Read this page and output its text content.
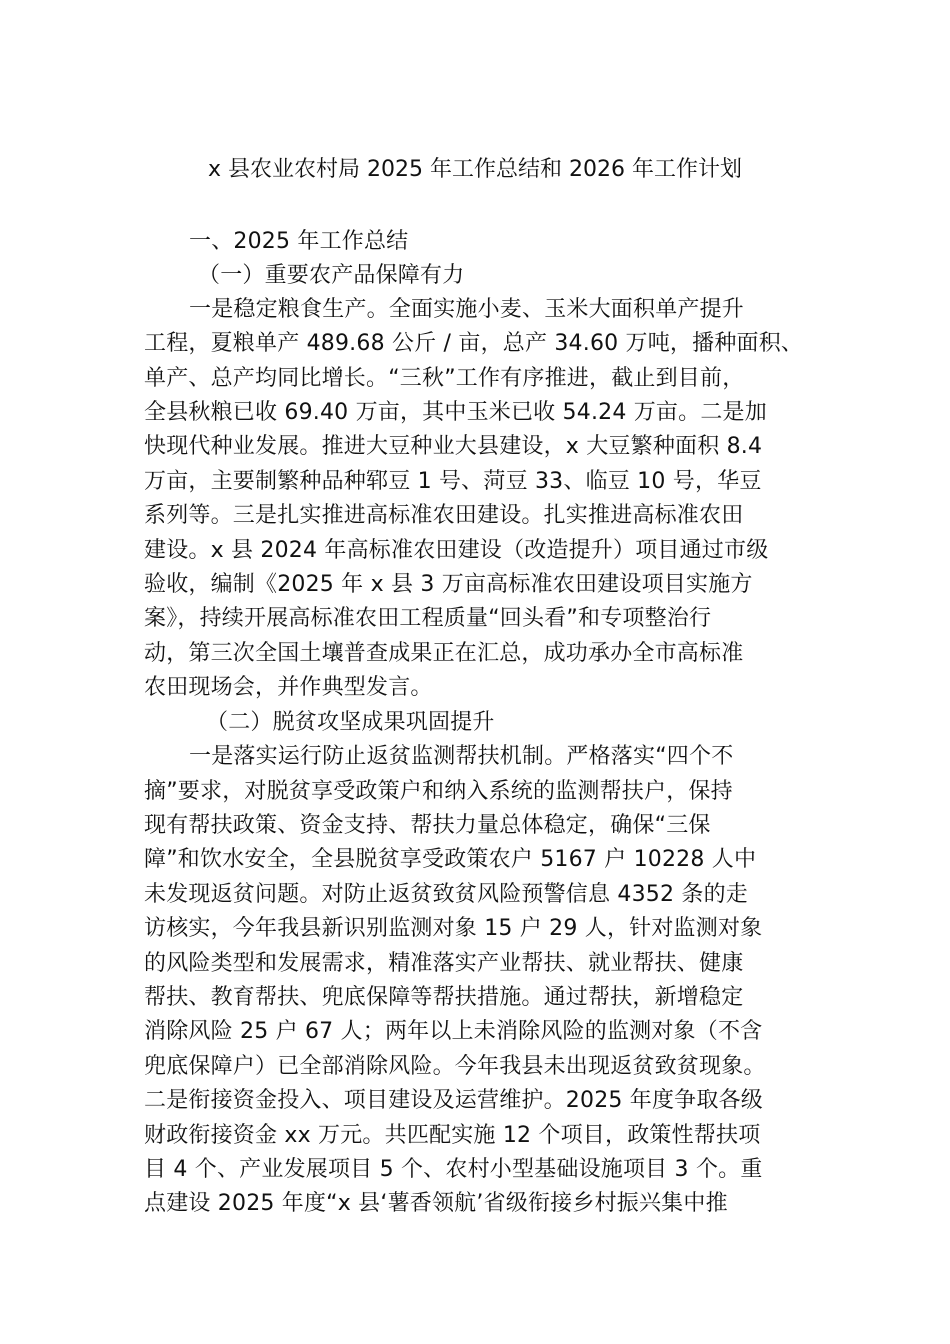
x 县农业农村局 2025 年工作总结和 2026 年工作计划
一、2025 年工作总结
（一）重要农产品保障有力
一是稳定粮食生产。全面实施小麦、玉米大面积单产提升
工程，夏粮单产 489.68 公斤 / 亩，总产 34.60 万吨，播种面积、
单产、总产均同比增长。“三秋”工作有序推进，截止到目前，
全县秋粮已收 69.40 万亩，其中玉米已收 54.24 万亩。二是加
快现代种业发展。推进大豆种业大县建设，x 大豆繁种面积 8.4
万亩，主要制繁种品种郓豆 1 号、菏豆 33、临豆 10 号，华豆
系列等。三是扎实推进高标准农田建设。扎实推进高标准农田
建设。x 县 2024 年高标准农田建设（改造提升）项目通过市级
验收，编制《2025 年 x 县 3 万亩高标准农田建设项目实施方
案》，持续开展高标准农田工程质量“回头看”和专项整治行
动，第三次全国土壤普查成果正在汇总，成功承办全市高标准
农田现场会，并作典型发言。
（二）脱贫攻坚成果巩固提升
一是落实运行防止返贫监测帮扶机制。严格落实“四个不
摘”要求，对脱贫享受政策户和纳入系统的监测帮扶户，保持
现有帮扶政策、资金支持、帮扶力量总体稳定，确保“三保
障”和饮水安全，全县脱贫享受政策农户 5167 户 10228 人中
未发现返贫问题。对防止返贫致贫风险预警信息 4352 条的走
访核实，今年我县新识别监测对象 15 户 29 人，针对监测对象
的风险类型和发展需求，精准落实产业帮扶、就业帮扶、健康
帮扶、教育帮扶、兜底保障等帮扶措施。通过帮扶，新增稳定
消除风险 25 户 67 人；两年以上未消除风险的监测对象（不含
兜底保障户）已全部消除风险。今年我县未出现返贫致贫现象。
二是衔接资金投入、项目建设及运营维护。2025 年度争取各级
财政衔接资金 xx 万元。共匹配实施 12 个项目，政策性帮扶项
目 4 个、产业发展项目 5 个、农村小型基础设施项目 3 个。重
点建设 2025 年度“x 县‘薯香领航’省级衔接乡村振兴集中推
